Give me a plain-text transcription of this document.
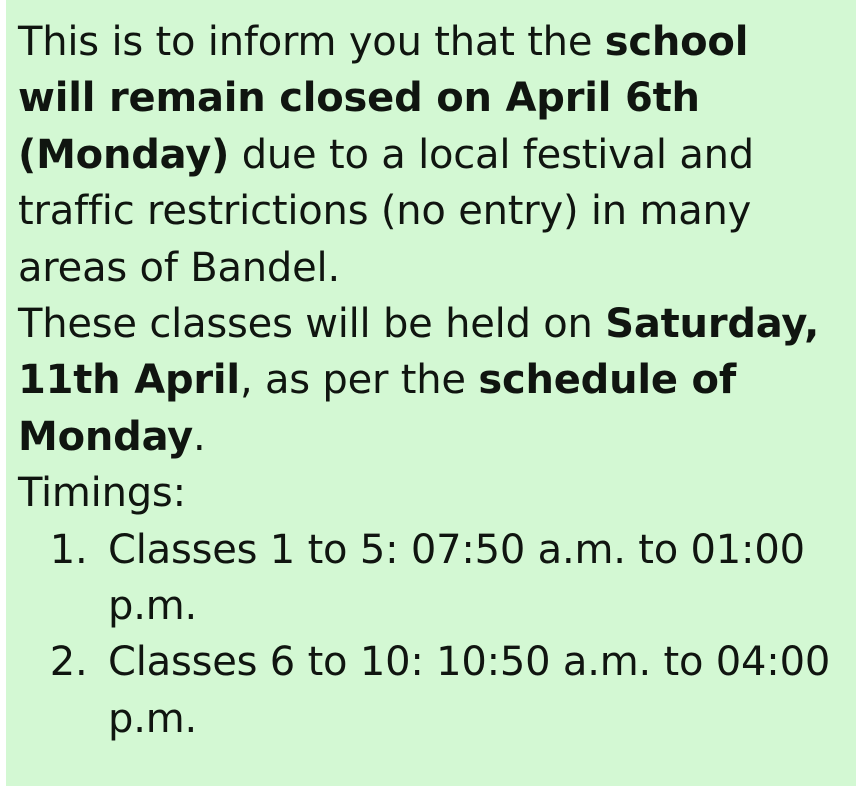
This is to inform you that the school will remain closed on April 6th (Monday) due to a local festival and traffic restrictions (no entry) in many areas of Bandel.

These classes will be held on Saturday, 11th April, as per the schedule of Monday.

Timings:

1. Classes 1 to 5: 07:50 a.m. to 01:00 p.m.
2. Classes 6 to 10: 10:50 a.m. to 04:00 p.m.
